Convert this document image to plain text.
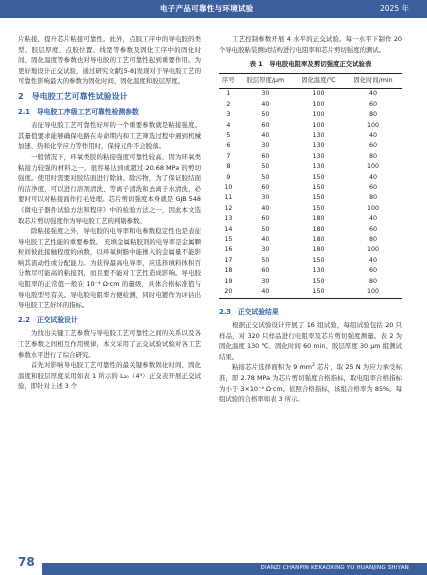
电子产品可靠性与环境试验	2025 年

片粘接，提升芯片粘接可靠性。此外，点胶工序中的导电胶的类型、胶层厚度、点胶位置、线宽等参数及固化工序中的固化时间、固化温度等参数也对导电胶的工艺可靠性起到重要作用。为更好地设计正交试验，通过研究文献[5-8]发现对于导电胶工艺的可靠性影响最大的参数为固化时间、固化温度和胶层厚度。

2　导电胶工艺可靠性试验设计
2.1　导电胶工序级工艺可靠性检测参数

表征导电胶工艺可靠性好坏的一个重要参数就是粘接强度。其量值要求能够确保电路在寿命期内和工艺筛选过程中遇到机械加速、热和化学应力等作用时，保持元件不会脱落。

一般情况下，环氧类胶的粘接强度可靠性较高，因为环氧类粘接力较强的材料之一，很容易达到或超过 20.68 MPa 的剪切强度。使用时需要对胶结面进行除油、除污物，为了保证胶结面的洁净度，可以进行溶剂清洗、等离子清洗和去离子水清洗，必要时可以对粘接面作打毛处理。芯片剪切强度本身就是 GJB 548《微电子器件试验方法和程序》中的检验方法之一，因此本文选取芯片剪切强度作为导电胶工艺的判剔参数。

除粘接强度之外，导电胶的电导率和电参数稳定性也是表征导电胶工艺性能的重要参数。 充填金属粘胶剂的电导率是金属颗粒间彼此接触程度的函数，以环氧树脂中能掺入的金属量不能影响其流动性或分配能力。为获得最高电导率，应选择填料体积百分数尽可能高的粘接剂，而且要不能对工艺性造成影响。导电胶电阻率的正常值一般在 10⁻⁴ Ω·cm 的量级，具体合格标准值与导电胶型号有关。导电胶电阻率方便检测，同时电镀作为评估出导电胶工艺好坏的指标。

2.2　正交试验设计

为找出关键工艺参数与导电胶工艺可靠性之间的关系以及各工艺参数之间相互作用规律，本文采用了正交试验试验对各工艺参数水平进行了综合研究。

首先对影响导电胶工艺可靠性的最关键参数固化时间、固化温度和胶层厚度采用如表 1 所示的 L₂₀（4³）正交表开展正交试验，即针对上述 3 个

工艺控制参数开展 4 水平的正交试验。每一水平下制作 20 个导电胶粘装测试结构进行电阻率和芯片剪切强度的测试。

表 1　导电胶电阻率及剪切强度正交试验表
序号	胶层厚度/μm	固化温度/℃	固化时间/min
1	30	100	40
2	40	100	60
3	50	100	80
4	60	100	100
5	40	130	40
6	30	130	60
7	60	130	80
8	50	130	100
9	50	150	40
10	60	150	60
11	30	150	80
12	40	150	100
13	60	180	40
14	50	180	60
15	40	180	80
16	30	180	100
17	50	150	40
18	60	130	60
19	30	150	80
20	40	150	100
2.3　正交试验结果

根据正交试验设计开展了 16 组试验，每组试验包括 20 只样品，对 320 只样品进行电阻率及芯片剪切强度测量。表 2 为固化温度 130 ℃、固化时间 60 min、胶层厚度 30 μm 组测试结果。

粘接芯片选择面积为 9 $mm^2$ 芯片，取 25 N 为应力承受标准，即 2.78 MPa 为芯片剪切强度合格指标，取电阻率合格指标为小于 3×10⁻⁴ Ω·cm。依照合格指标，该组合格率为 85%。每组试验的合格率如表 3 所示。

78	DIANZI CHANPIN KEKAOXING YU HUANJING SHIYAN
